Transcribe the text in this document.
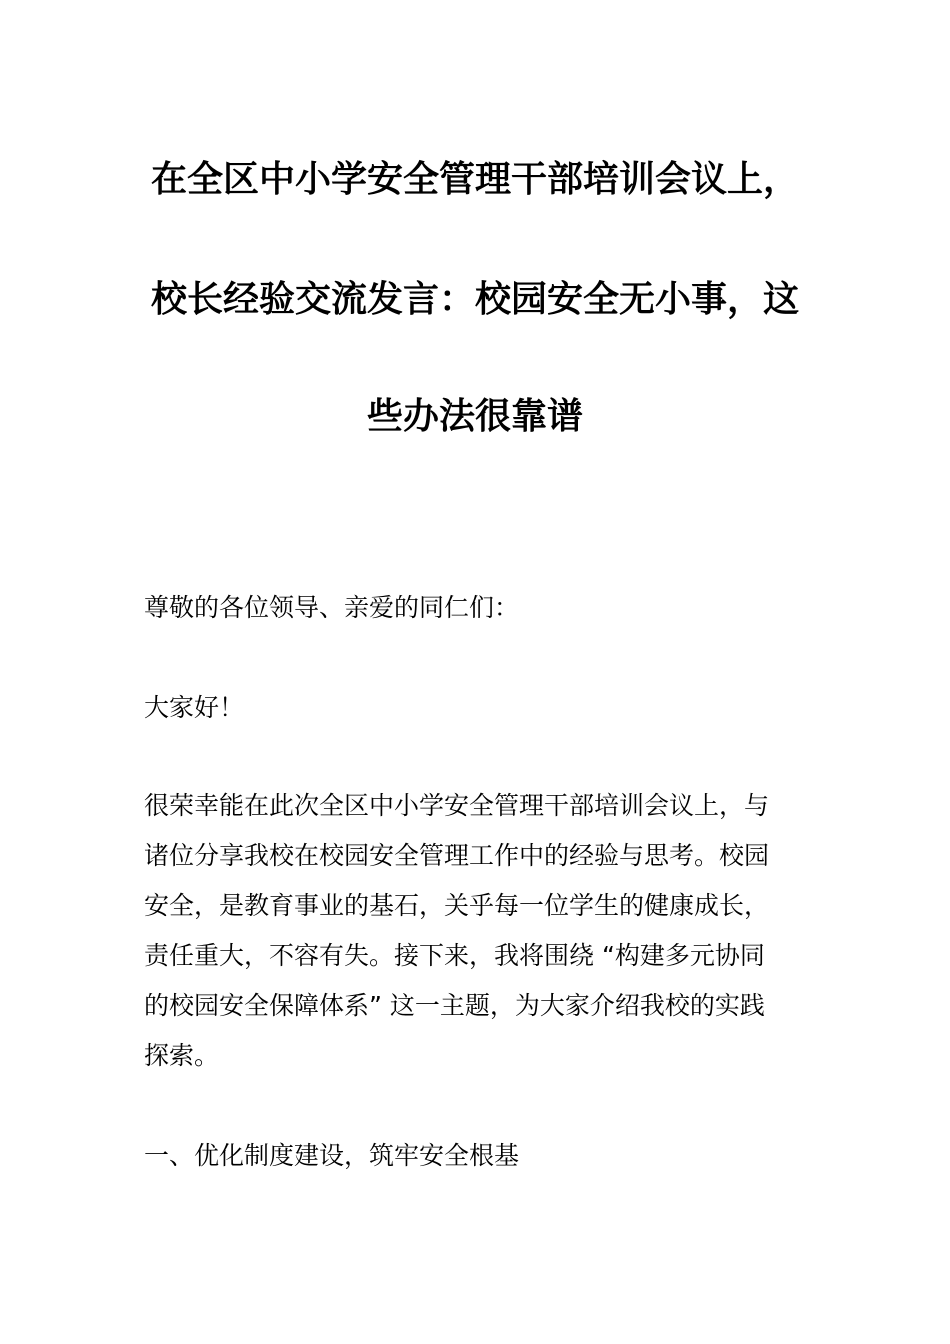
在全区中小学安全管理干部培训会议上，
校长经验交流发言：校园安全无小事，这
些办法很靠谱

尊敬的各位领导、亲爱的同仁们：

大家好！

很荣幸能在此次全区中小学安全管理干部培训会议上，与
诸位分享我校在校园安全管理工作中的经验与思考。校园
安全，是教育事业的基石，关乎每一位学生的健康成长，
责任重大，不容有失。接下来，我将围绕 “构建多元协同
的校园安全保障体系” 这一主题，为大家介绍我校的实践
探索。

一、优化制度建设，筑牢安全根基
